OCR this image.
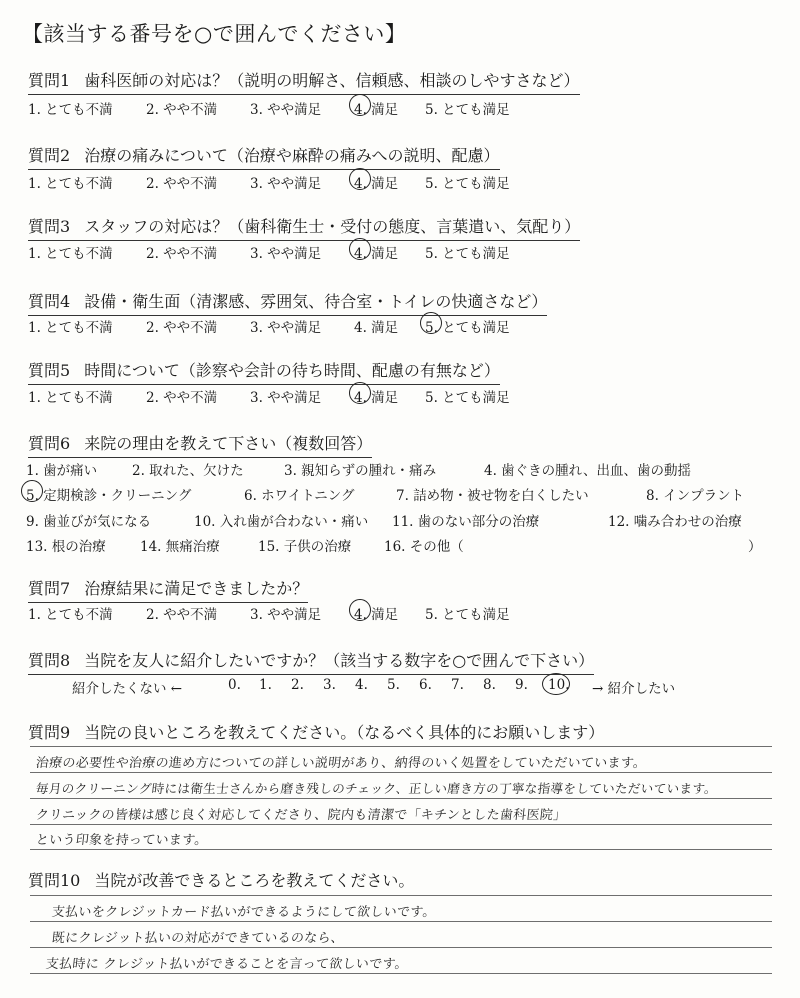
【該当する番号を○で囲んでください】
質問1 歯科医師の対応は？（説明の明解さ、信頼感、相談のしやすさなど）
1. とても不満 2. やや不満 3. やや満足 4. 満足 5. とても満足
質問2 治療の痛みについて（治療や麻酔の痛みへの説明、配慮）
1. とても不満 2. やや不満 3. やや満足 4. 満足 5. とても満足
質問3 スタッフの対応は？（歯科衛生士・受付の態度、言葉遣い、気配り）
1. とても不満 2. やや不満 3. やや満足 4. 満足 5. とても満足
質問4 設備・衛生面（清潔感、雰囲気、待合室・トイレの快適さなど）
1. とても不満 2. やや不満 3. やや満足 4. 満足 5. とても満足
質問5 時間について（診察や会計の待ち時間、配慮の有無など）
1. とても不満 2. やや不満 3. やや満足 4. 満足 5. とても満足
質問6 来院の理由を教えて下さい（複数回答）
1. 歯が痛い	2. 取れた、欠けた	3. 親知らずの腫れ・痛み	4. 歯ぐきの腫れ、出血、歯の動揺
5. 定期検診・クリーニング	6. ホワイトニング	7. 詰め物・被せ物を白くしたい	8. インプラント
9. 歯並びが気になる	10. 入れ歯が合わない・痛い 11. 歯のない部分の治療	12. 噛み合わせの治療
13. 根の治療	14. 無痛治療	15. 子供の治療 16. その他（	）
質問7 治療結果に満足できましたか？
1. とても不満 2. やや不満 3. やや満足 4. 満足 5. とても満足
質問8 当院を友人に紹介したいですか？（該当する数字を○で囲んで下さい）
紹介したくない ←	0. 1. 2. 3. 4. 5. 6. 7. 8. 9. 10. → 紹介したい
質問9 当院の良いところを教えてください。（なるべく具体的にお願いします）
治療の必要性や治療の進め方についての詳しい説明があり、納得のいく処置をしていただいています。
毎月のクリーニング時には衛生士さんから磨き残しのチェック、正しい磨き方の丁寧な指導をしていただいています。
クリニックの皆様は感じ良く対応してくださり、院内も清潔で「キチンとした歯科医院」
という印象を持っています。
質問10 当院が改善できるところを教えてください。
支払いをクレジットカード払いができるようにして欲しいです。
既にクレジット払いの対応ができているのなら、
支払時に クレジット払いができることを言って欲しいです。
